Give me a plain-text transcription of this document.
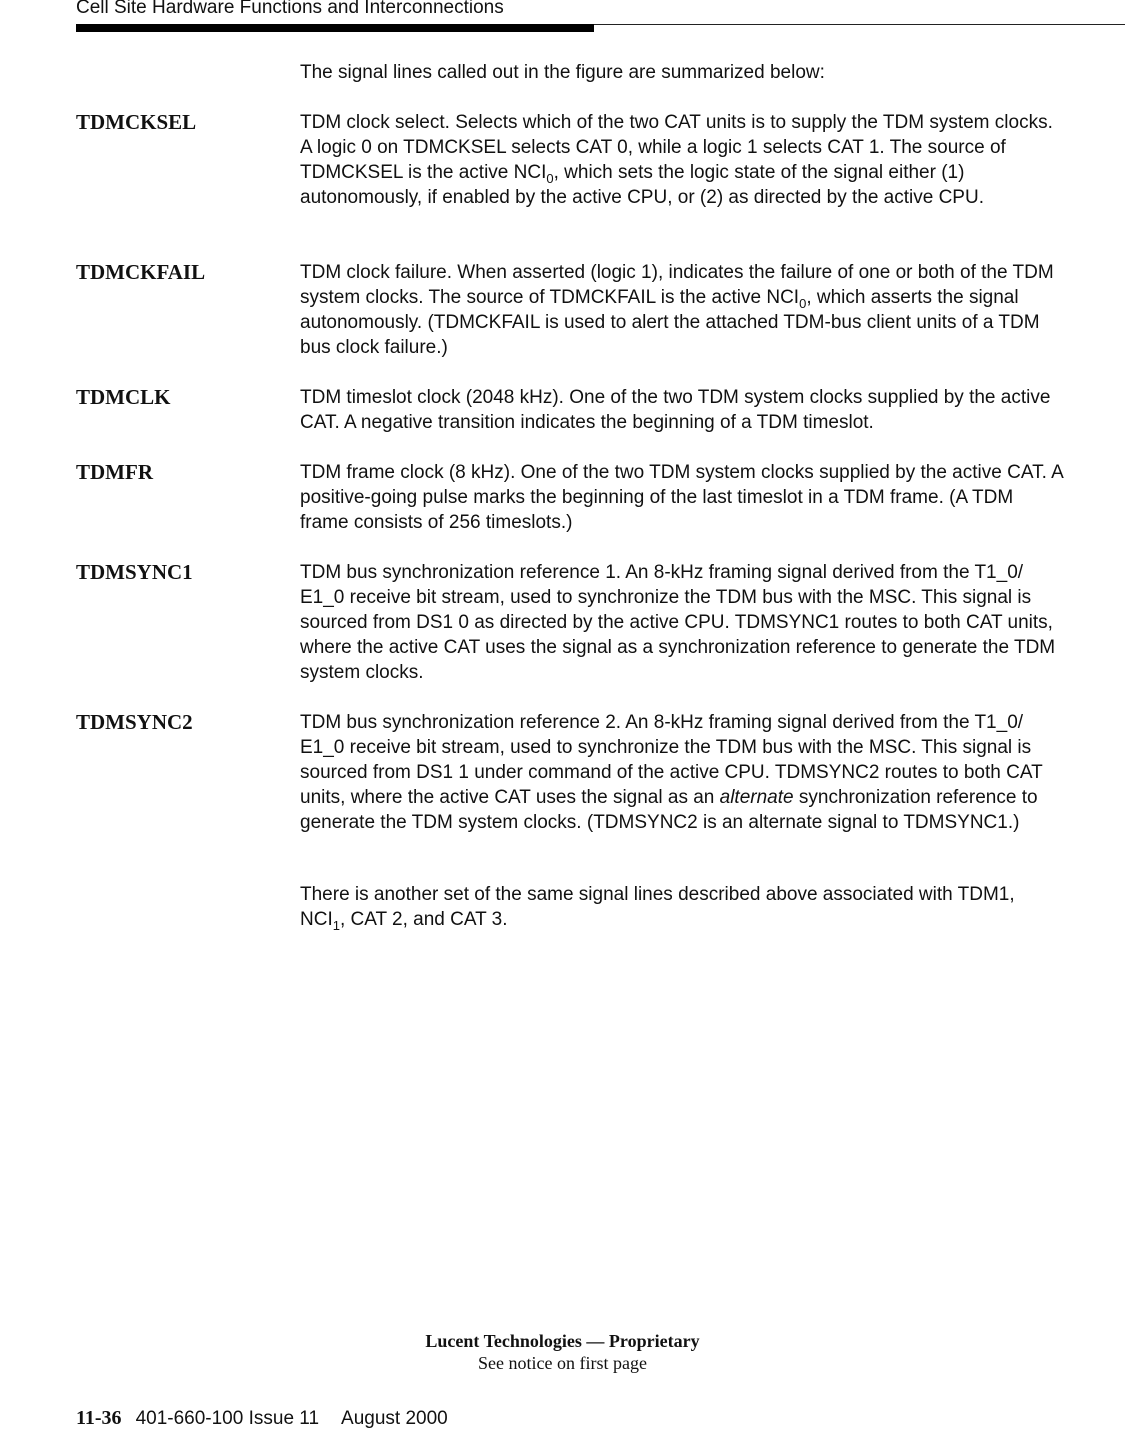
Cell Site Hardware Functions and Interconnections
The signal lines called out in the figure are summarized below:
TDMCKSEL	TDM clock select. Selects which of the two CAT units is to supply the TDM system clocks. A logic 0 on TDMCKSEL selects CAT 0, while a logic 1 selects CAT 1. The source of TDMCKSEL is the active $NCI_0$, which sets the logic state of the signal either (1) autonomously, if enabled by the active CPU, or (2) as directed by the active CPU.
TDMCKFAIL	TDM clock failure. When asserted (logic 1), indicates the failure of one or both of the TDM system clocks. The source of TDMCKFAIL is the active $NCI_0$, which asserts the signal autonomously. (TDMCKFAIL is used to alert the attached TDM-bus client units of a TDM bus clock failure.)
TDMCLK	TDM timeslot clock (2048 kHz). One of the two TDM system clocks supplied by the active CAT. A negative transition indicates the beginning of a TDM timeslot.
TDMFR	TDM frame clock (8 kHz). One of the two TDM system clocks supplied by the active CAT. A positive-going pulse marks the beginning of the last timeslot in a TDM frame. (A TDM frame consists of 256 timeslots.)
TDMSYNC1	TDM bus synchronization reference 1. An 8-kHz framing signal derived from the T1_0/ E1_0 receive bit stream, used to synchronize the TDM bus with the MSC. This signal is sourced from DS1 0 as directed by the active CPU. TDMSYNC1 routes to both CAT units, where the active CAT uses the signal as a synchronization reference to generate the TDM system clocks.
TDMSYNC2	TDM bus synchronization reference 2. An 8-kHz framing signal derived from the T1_0/ E1_0 receive bit stream, used to synchronize the TDM bus with the MSC. This signal is sourced from DS1 1 under command of the active CPU. TDMSYNC2 routes to both CAT units, where the active CAT uses the signal as an alternate synchronization reference to generate the TDM system clocks. (TDMSYNC2 is an alternate signal to TDMSYNC1.)
There is another set of the same signal lines described above associated with TDM1, $NCI_1$, CAT 2, and CAT 3.
Lucent Technologies — Proprietary
See notice on first page
11-36 401-660-100 Issue 11 August 2000
